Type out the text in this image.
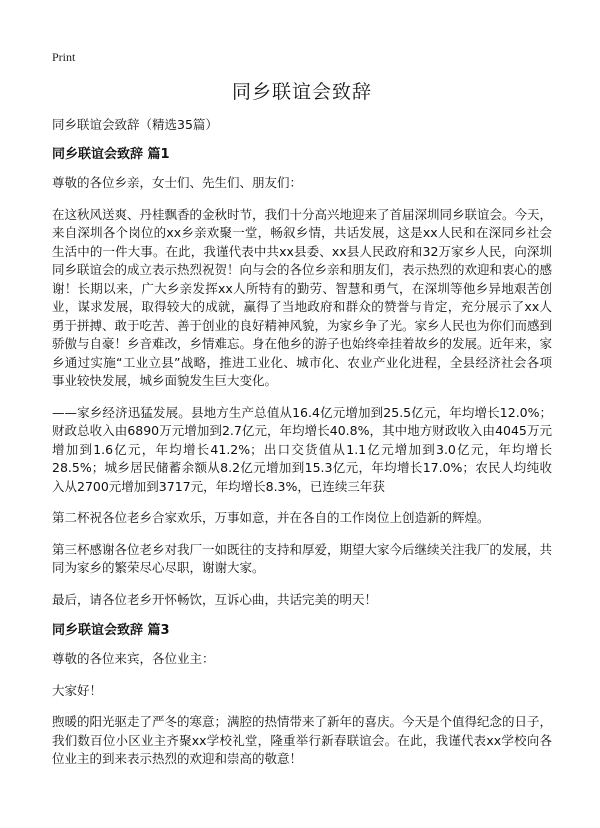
Print
同乡联谊会致辞
同乡联谊会致辞（精选35篇）
同乡联谊会致辞 篇1

尊敬的各位乡亲，女士们、先生们、朋友们：

在这秋风送爽、丹桂飘香的金秋时节，我们十分高兴地迎来了首届深圳同乡联谊会。今天，来自深圳各个岗位的xx乡亲欢聚一堂，畅叙乡情，共话发展，这是xx人民和在深同乡社会生活中的一件大事。在此，我谨代表中共xx县委、xx县人民政府和32万家乡人民，向深圳同乡联谊会的成立表示热烈祝贺！向与会的各位乡亲和朋友们，表示热烈的欢迎和衷心的感谢！长期以来，广大乡亲发挥xx人所特有的勤劳、智慧和勇气，在深圳等他乡异地艰苦创业，谋求发展，取得较大的成就，赢得了当地政府和群众的赞誉与肯定，充分展示了xx人勇于拼搏、敢于吃苦、善于创业的良好精神风貌，为家乡争了光。家乡人民也为你们而感到骄傲与自豪！乡音难改，乡情难忘。身在他乡的游子也始终牵挂着故乡的发展。近年来，家乡通过实施“工业立县”战略，推进工业化、城市化、农业产业化进程，全县经济社会各项事业较快发展，城乡面貌发生巨大变化。

——家乡经济迅猛发展。县地方生产总值从16.4亿元增加到25.5亿元，年均增长12.0%；财政总收入由6890万元增加到2.7亿元，年均增长40.8%，其中地方财政收入由4045万元增加到1.6亿元，年均增长41.2%；出口交货值从1.1亿元增加到3.0亿元，年均增长28.5%；城乡居民储蓄余额从8.2亿元增加到15.3亿元，年均增长17.0%；农民人均纯收入从2700元增加到3717元，年均增长8.3%，已连续三年获

第二杯祝各位老乡合家欢乐，万事如意，并在各自的工作岗位上创造新的辉煌。

第三杯感谢各位老乡对我厂一如既往的支持和厚爱，期望大家今后继续关注我厂的发展，共同为家乡的繁荣尽心尽职，谢谢大家。

最后，请各位老乡开怀畅饮，互诉心曲，共话完美的明天！

同乡联谊会致辞 篇3

尊敬的各位来宾，各位业主：

大家好！

煦暖的阳光驱走了严冬的寒意；满腔的热情带来了新年的喜庆。今天是个值得纪念的日子，我们数百位小区业主齐聚xx学校礼堂，隆重举行新春联谊会。在此，我谨代表xx学校向各位业主的到来表示热烈的欢迎和崇高的敬意！
